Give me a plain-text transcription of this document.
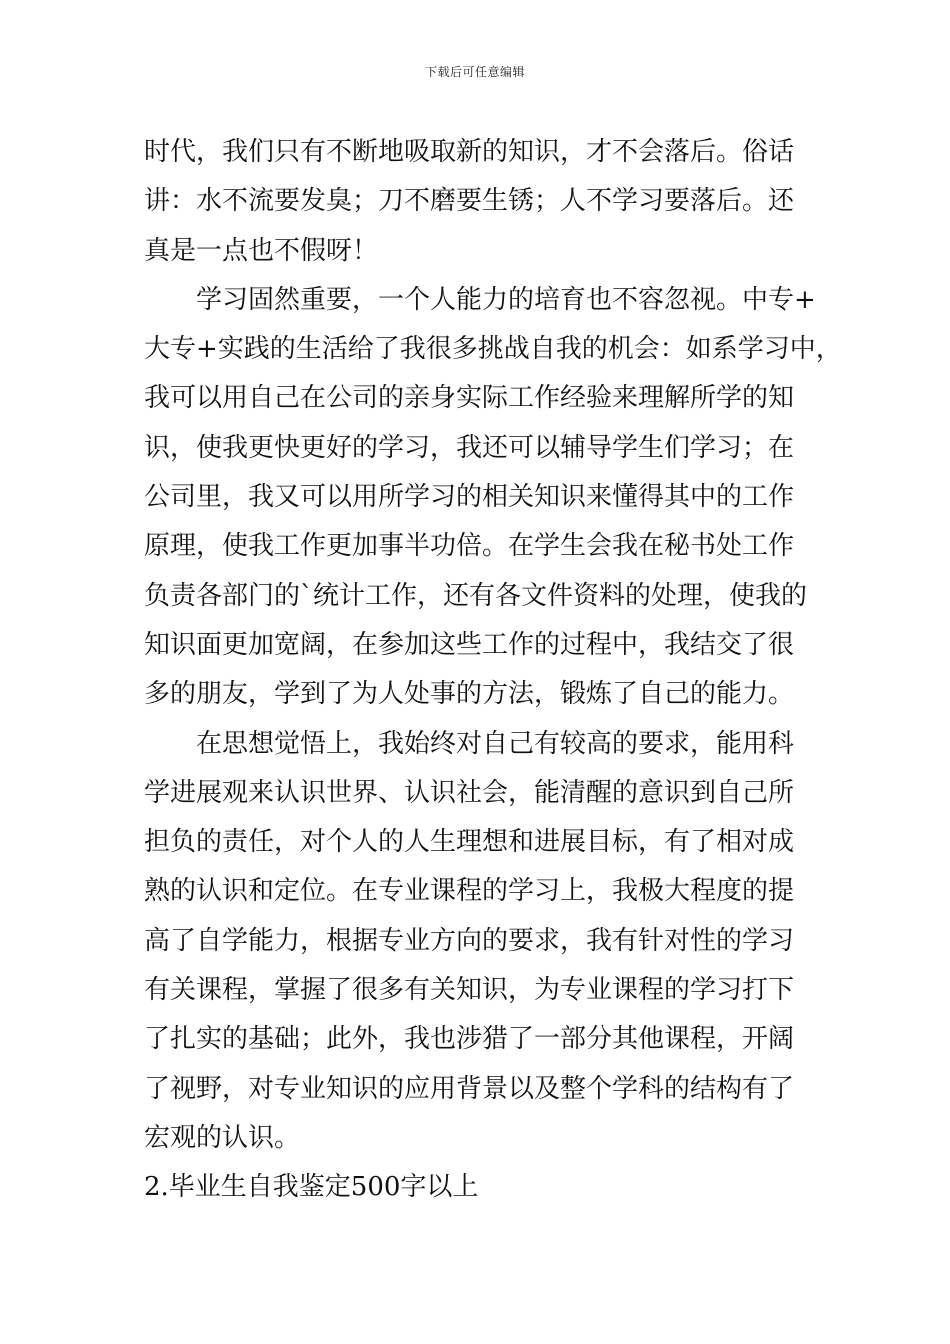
下载后可任意编辑
时代，我们只有不断地吸取新的知识，才不会落后。俗话
讲：水不流要发臭；刀不磨要生锈；人不学习要落后。还
真是一点也不假呀！
学习固然重要，一个人能力的培育也不容忽视。中专+
大专+实践的生活给了我很多挑战自我的机会：如系学习中，
我可以用自己在公司的亲身实际工作经验来理解所学的知
识，使我更快更好的学习，我还可以辅导学生们学习；在
公司里，我又可以用所学习的相关知识来懂得其中的工作
原理，使我工作更加事半功倍。在学生会我在秘书处工作
负责各部门的`统计工作，还有各文件资料的处理，使我的
知识面更加宽阔，在参加这些工作的过程中，我结交了很
多的朋友，学到了为人处事的方法，锻炼了自己的能力。
在思想觉悟上，我始终对自己有较高的要求，能用科
学进展观来认识世界、认识社会，能清醒的意识到自己所
担负的责任，对个人的人生理想和进展目标，有了相对成
熟的认识和定位。在专业课程的学习上，我极大程度的提
高了自学能力，根据专业方向的要求，我有针对性的学习
有关课程，掌握了很多有关知识，为专业课程的学习打下
了扎实的基础；此外，我也涉猎了一部分其他课程，开阔
了视野，对专业知识的应用背景以及整个学科的结构有了
宏观的认识。
2.毕业生自我鉴定500字以上
